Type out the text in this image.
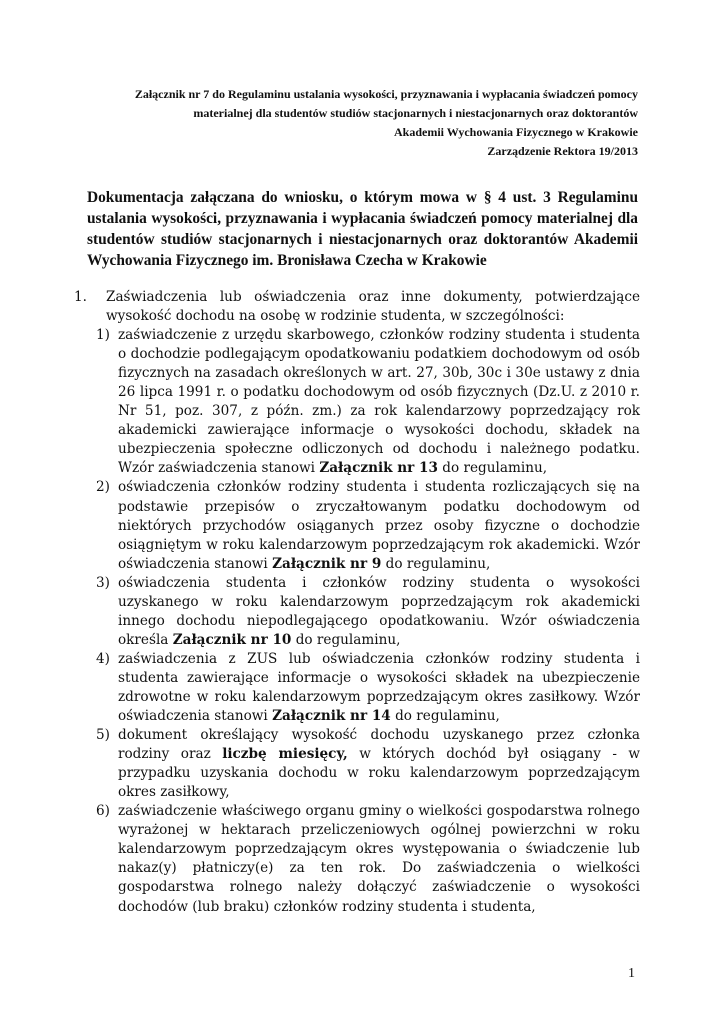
Załącznik nr 7 do Regulaminu ustalania wysokości, przyznawania i wypłacania świadczeń pomocy
materialnej dla studentów studiów stacjonarnych i niestacjonarnych oraz doktorantów
Akademii Wychowania Fizycznego w Krakowie
Zarządzenie Rektora 19/2013
Dokumentacja załączana do wniosku, o którym mowa w § 4 ust. 3 Regulaminu ustalania wysokości, przyznawania i wypłacania świadczeń pomocy materialnej dla studentów studiów stacjonarnych i niestacjonarnych oraz doktorantów Akademii Wychowania Fizycznego im. Bronisława Czecha w Krakowie
1. Zaświadczenia lub oświadczenia oraz inne dokumenty, potwierdzające wysokość dochodu na osobę w rodzinie studenta, w szczególności:

1) zaświadczenie z urzędu skarbowego, członków rodziny studenta i studenta o dochodzie podlegającym opodatkowaniu podatkiem dochodowym od osób fizycznych na zasadach określonych w art. 27, 30b, 30c i 30e ustawy z dnia 26 lipca 1991 r. o podatku dochodowym od osób fizycznych (Dz.U. z 2010 r. Nr 51, poz. 307, z późn. zm.) za rok kalendarzowy poprzedzający rok akademicki zawierające informacje o wysokości dochodu, składek na ubezpieczenia społeczne odliczonych od dochodu i należnego podatku. Wzór zaświadczenia stanowi Załącznik nr 13 do regulaminu,

2) oświadczenia członków rodziny studenta i studenta rozliczających się na podstawie przepisów o zryczałtowanym podatku dochodowym od niektórych przychodów osiąganych przez osoby fizyczne o dochodzie osiągniętym w roku kalendarzowym poprzedzającym rok akademicki. Wzór oświadczenia stanowi Załącznik nr 9 do regulaminu,

3) oświadczenia studenta i członków rodziny studenta o wysokości uzyskanego w roku kalendarzowym poprzedzającym rok akademicki innego dochodu niepodlegającego opodatkowaniu. Wzór oświadczenia określa Załącznik nr 10 do regulaminu,

4) zaświadczenia z ZUS lub oświadczenia członków rodziny studenta i studenta zawierające informacje o wysokości składek na ubezpieczenie zdrowotne w roku kalendarzowym poprzedzającym okres zasiłkowy. Wzór oświadczenia stanowi Załącznik nr 14 do regulaminu,

5) dokument określający wysokość dochodu uzyskanego przez członka rodziny oraz liczbę miesięcy, w których dochód był osiągany - w przypadku uzyskania dochodu w roku kalendarzowym poprzedzającym okres zasiłkowy,

6) zaświadczenie właściwego organu gminy o wielkości gospodarstwa rolnego wyrażonej w hektarach przeliczeniowych ogólnej powierzchni w roku kalendarzowym poprzedzającym okres występowania o świadczenie lub nakaz(y) płatniczy(e) za ten rok. Do zaświadczenia o wielkości gospodarstwa rolnego należy dołączyć zaświadczenie o wysokości dochodów (lub braku) członków rodziny studenta i studenta,

1
